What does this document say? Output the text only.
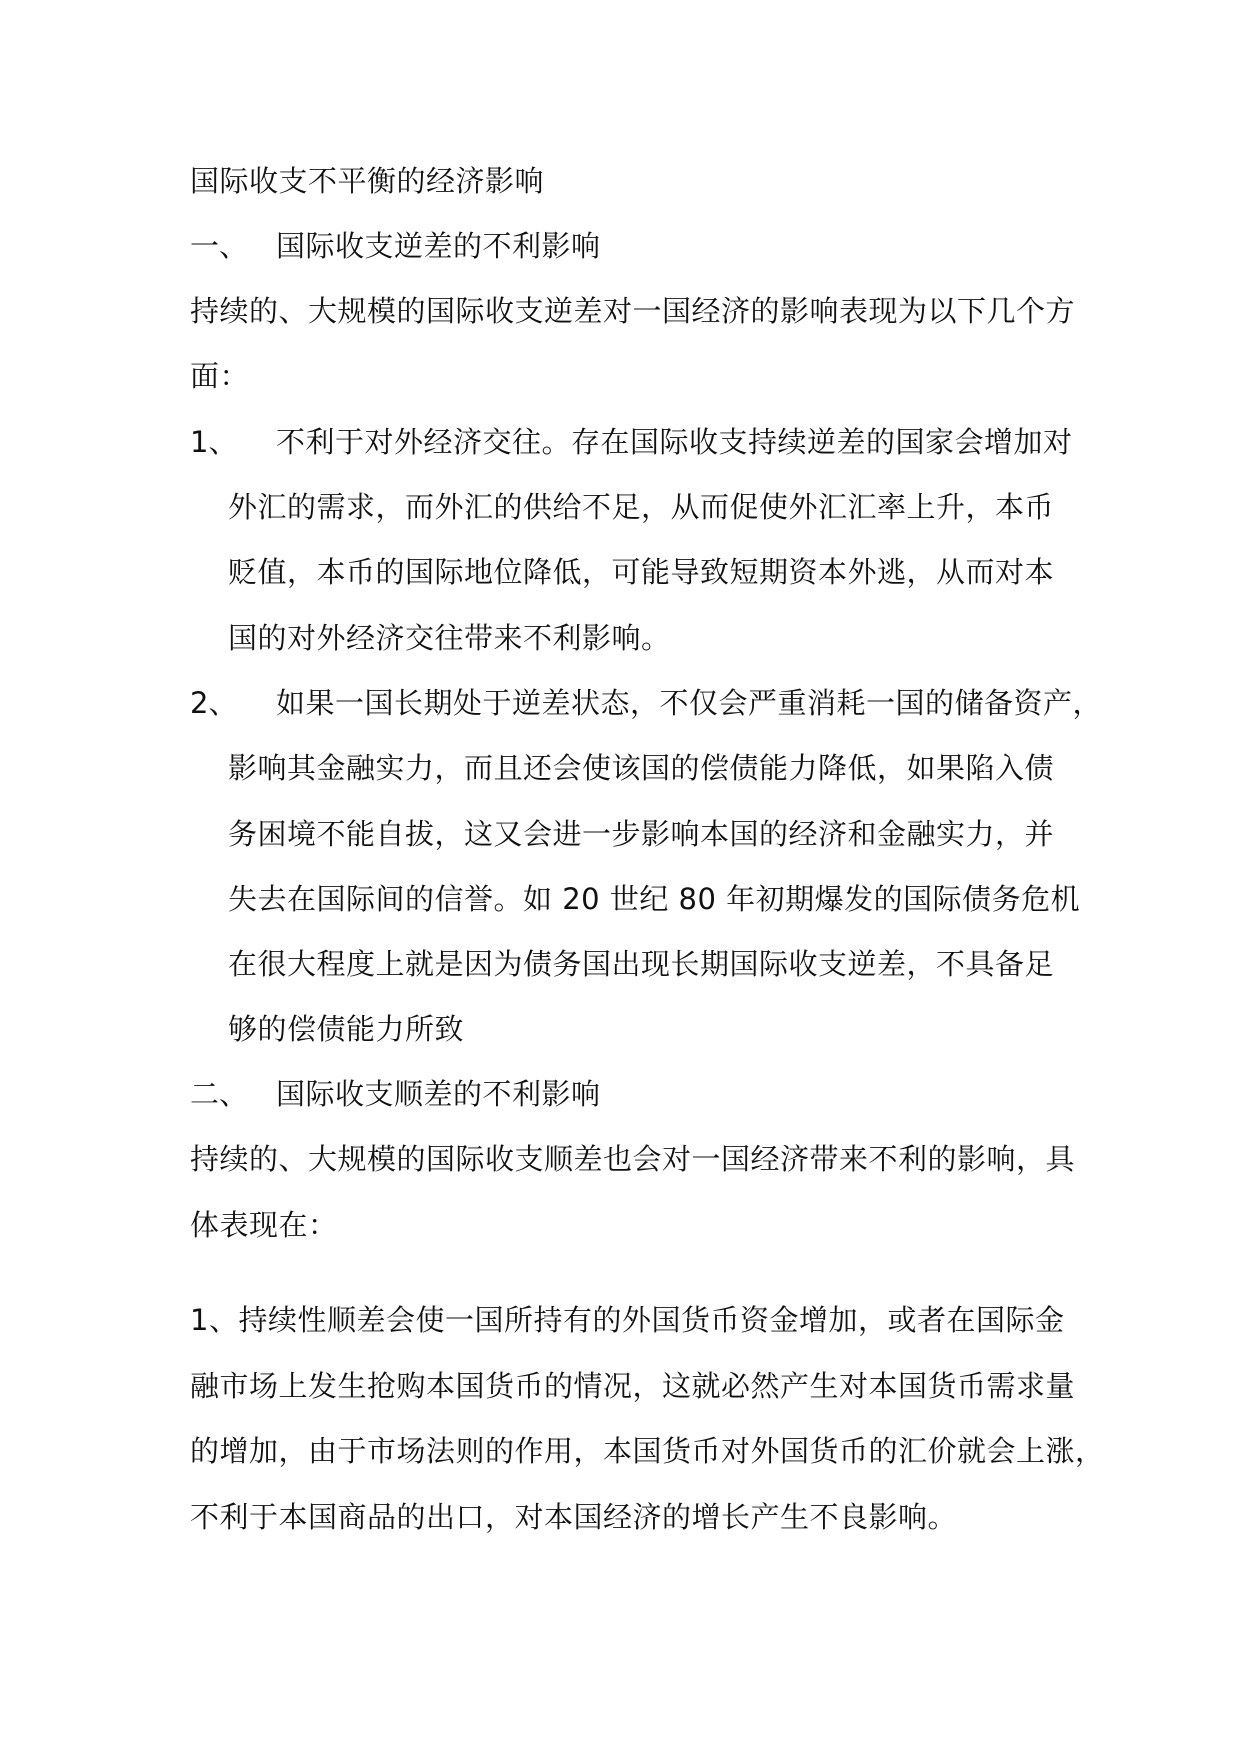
国际收支不平衡的经济影响
一、 国际收支逆差的不利影响
持续的、大规模的国际收支逆差对一国经济的影响表现为以下几个方
面：
1、 不利于对外经济交往。存在国际收支持续逆差的国家会增加对
外汇的需求，而外汇的供给不足，从而促使外汇汇率上升，本币
贬值，本币的国际地位降低，可能导致短期资本外逃，从而对本
国的对外经济交往带来不利影响。
2、 如果一国长期处于逆差状态，不仅会严重消耗一国的储备资产，
影响其金融实力，而且还会使该国的偿债能力降低，如果陷入债
务困境不能自拔，这又会进一步影响本国的经济和金融实力，并
失去在国际间的信誉。如 20 世纪 80 年初期爆发的国际债务危机
在很大程度上就是因为债务国出现长期国际收支逆差，不具备足
够的偿债能力所致
二、 国际收支顺差的不利影响
持续的、大规模的国际收支顺差也会对一国经济带来不利的影响，具
体表现在：
1、持续性顺差会使一国所持有的外国货币资金增加，或者在国际金
融市场上发生抢购本国货币的情况，这就必然产生对本国货币需求量
的增加，由于市场法则的作用，本国货币对外国货币的汇价就会上涨，
不利于本国商品的出口，对本国经济的增长产生不良影响。
